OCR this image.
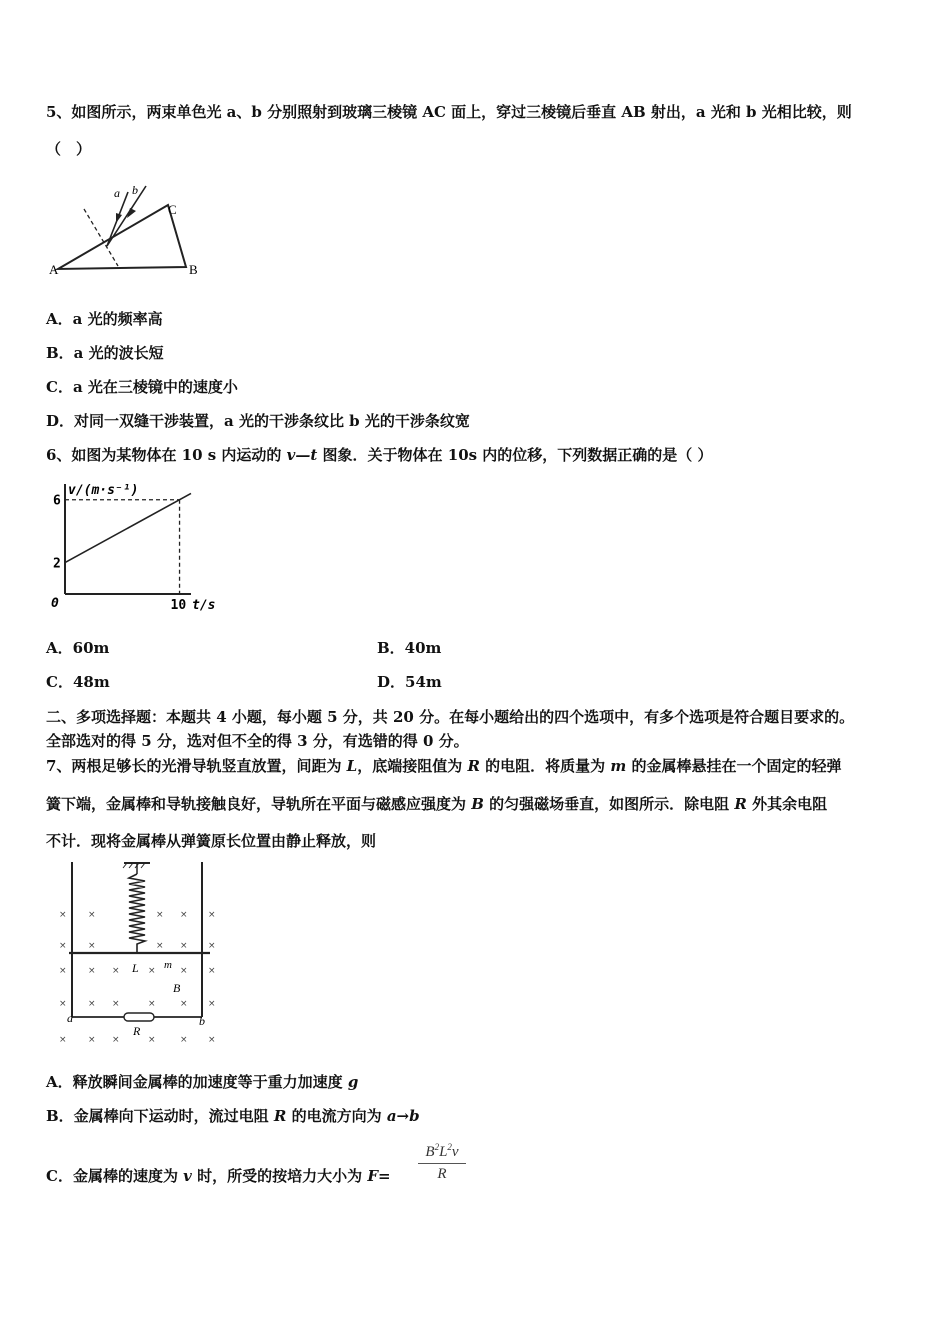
5、如图所示，两束单色光 a、b 分别照射到玻璃三棱镜 AC 面上，穿过三棱镜后垂直 AB 射出，a 光和 b 光相比较，则
（　）
a b
A	B
C
A．a 光的频率高
B．a 光的波长短
C．a 光在三棱镜中的速度小
D．对同一双缝干涉装置，a 光的干涉条纹比 b 光的干涉条纹宽
6、如图为某物体在 10 s 内运动的 v—t 图象．关于物体在 10s 内的位移，下列数据正确的是（ ）
v/(m·s⁻¹)
t/s
0
2
6
10
A．60m	B．40m
C．48m	D．54m
二、多项选择题：本题共 4 小题，每小题 5 分，共 20 分。在每小题给出的四个选项中，有多个选项是符合题目要求的。
全部选对的得 5 分，选对但不全的得 3 分，有选错的得 0 分。
7、两根足够长的光滑导轨竖直放置，间距为 L，底端接阻值为 R 的电阻．将质量为 m 的金属棒悬挂在一个固定的轻弹
簧下端，金属棒和导轨接触良好，导轨所在平面与磁感应强度为 B 的匀强磁场垂直，如图所示．除电阻 R 外其余电阻
不计．现将金属棒从弹簧原长位置由静止释放，则
× ×	× × ×
× ×	× × ×
× × ×	×	× ×
× × ×	×	× ×
× × ×	×	× ×
L m
B
a	b
R
A．释放瞬间金属棒的加速度等于重力加速度 g
B．金属棒向下运动时，流过电阻 R 的电流方向为 a→b
C．金属棒的速度为 v 时，所受的按培力大小为 $F= \frac{B^2L^2v}{R}$
